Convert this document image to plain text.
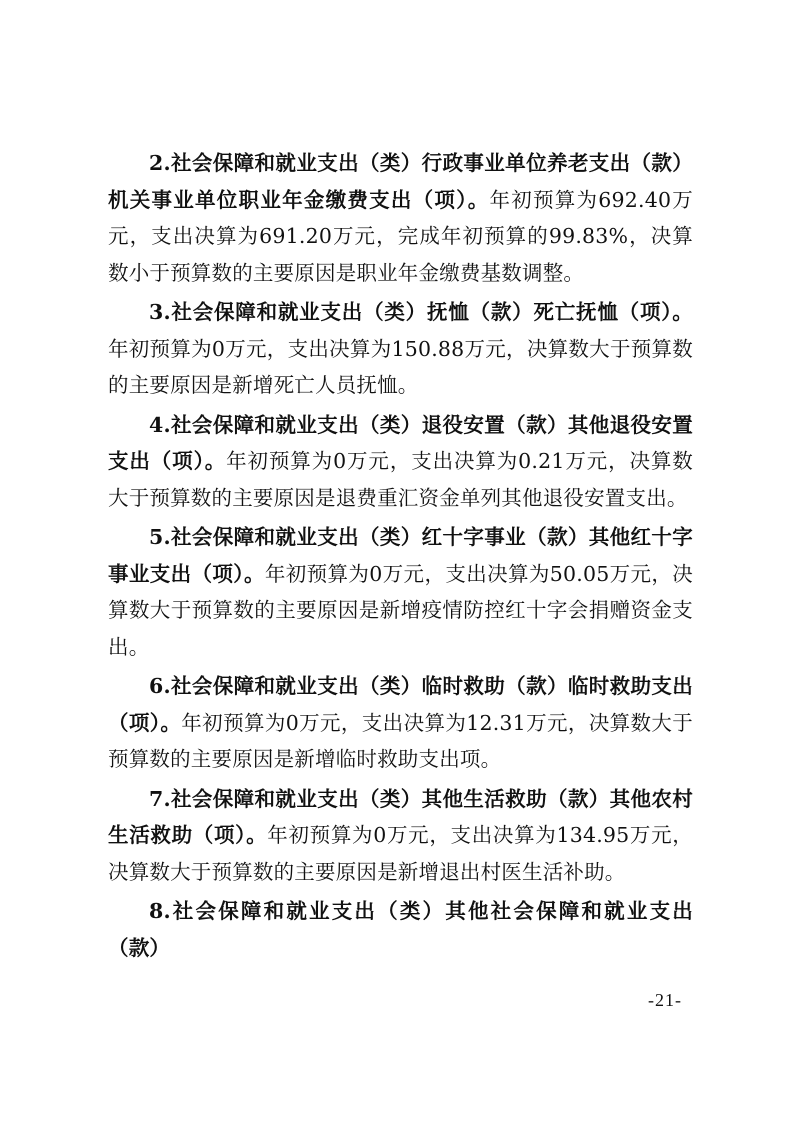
2.社会保障和就业支出（类）行政事业单位养老支出（款）机关事业单位职业年金缴费支出（项）。年初预算为692.40万元，支出决算为691.20万元，完成年初预算的99.83%，决算数小于预算数的主要原因是职业年金缴费基数调整。

3.社会保障和就业支出（类）抚恤（款）死亡抚恤（项）。年初预算为0万元，支出决算为150.88万元，决算数大于预算数的主要原因是新增死亡人员抚恤。

4.社会保障和就业支出（类）退役安置（款）其他退役安置支出（项）。年初预算为0万元，支出决算为0.21万元，决算数大于预算数的主要原因是退费重汇资金单列其他退役安置支出。

5.社会保障和就业支出（类）红十字事业（款）其他红十字事业支出（项）。年初预算为0万元，支出决算为50.05万元，决算数大于预算数的主要原因是新增疫情防控红十字会捐赠资金支出。

6.社会保障和就业支出（类）临时救助（款）临时救助支出（项）。年初预算为0万元，支出决算为12.31万元，决算数大于预算数的主要原因是新增临时救助支出项。

7.社会保障和就业支出（类）其他生活救助（款）其他农村生活救助（项）。年初预算为0万元，支出决算为134.95万元，决算数大于预算数的主要原因是新增退出村医生活补助。

8.社会保障和就业支出（类）其他社会保障和就业支出（款）

-21-
